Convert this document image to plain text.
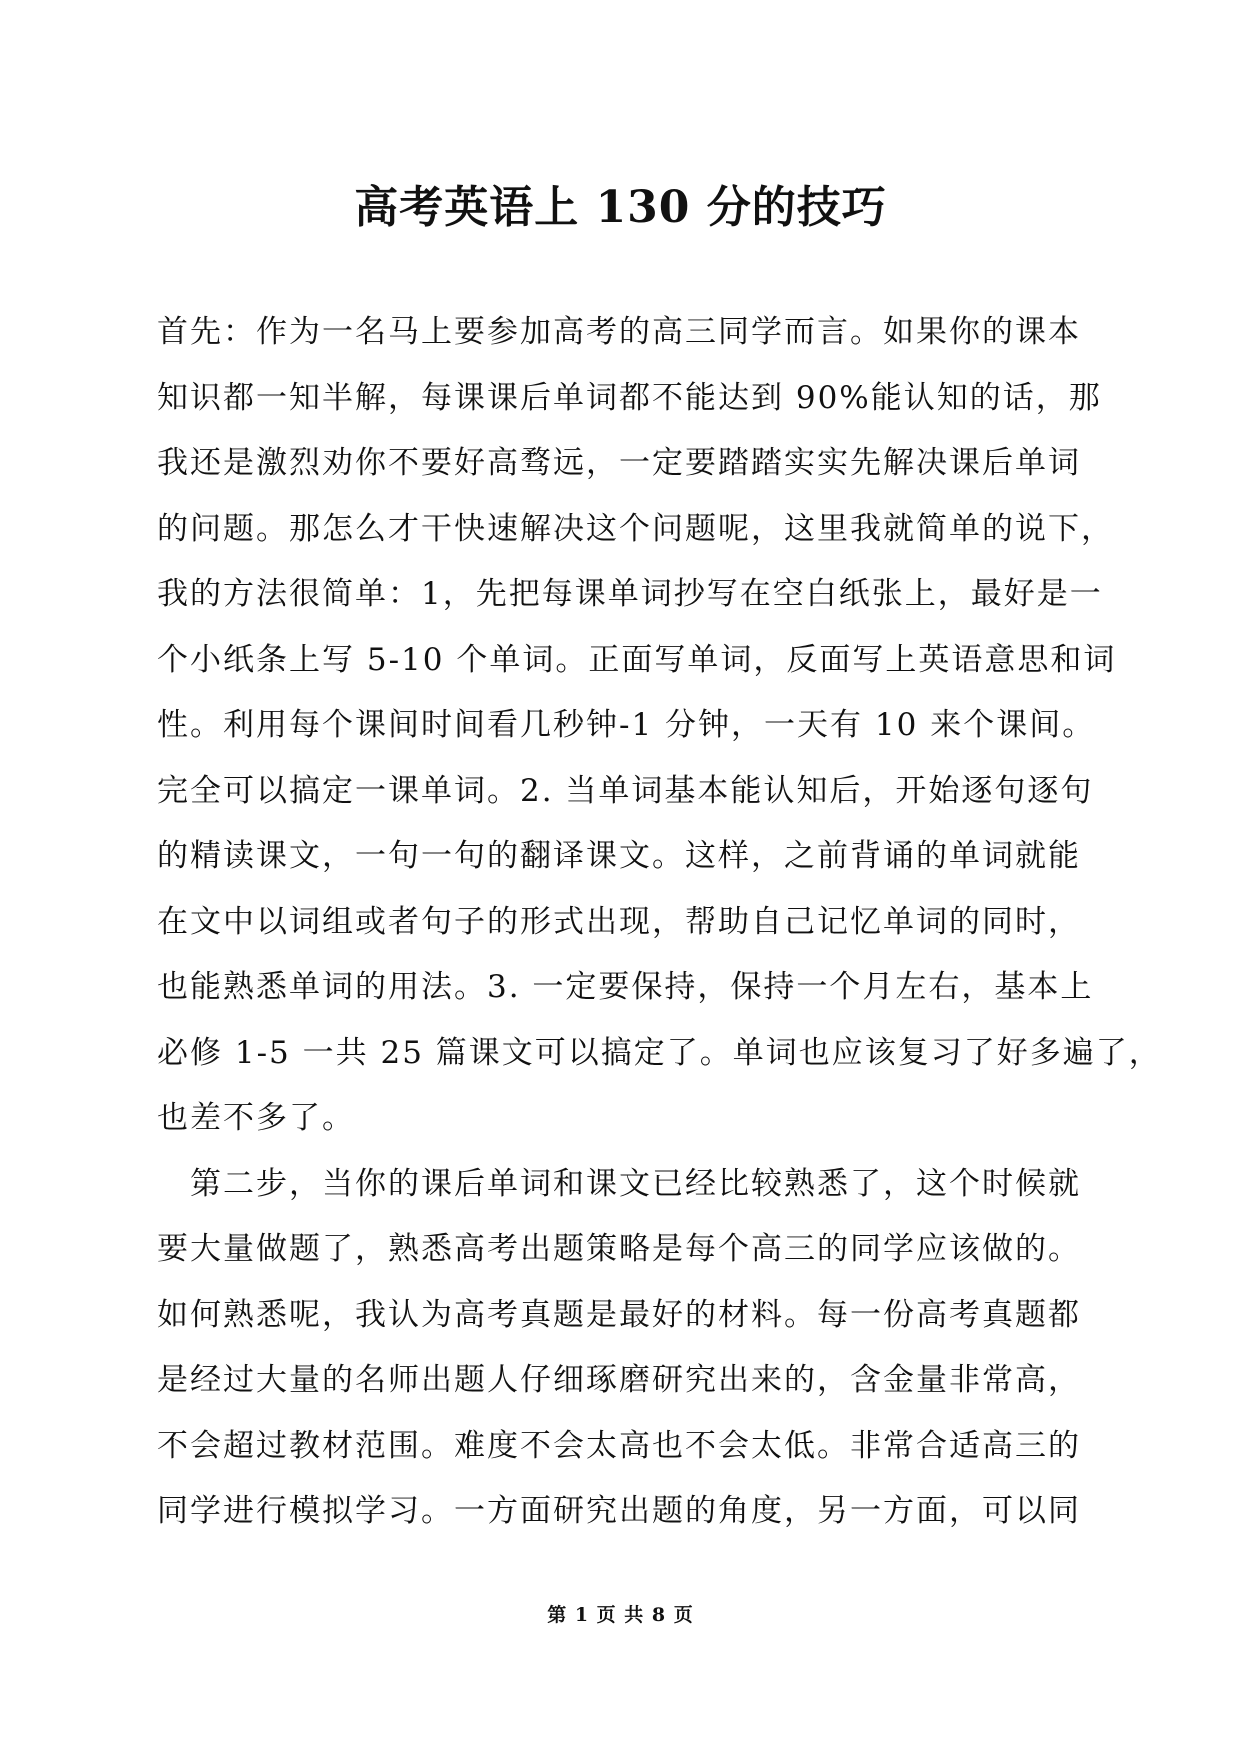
高考英语上 130 分的技巧
首先：作为一名马上要参加高考的高三同学而言。如果你的课本
知识都一知半解，每课课后单词都不能达到 90%能认知的话，那
我还是激烈劝你不要好高骛远，一定要踏踏实实先解决课后单词
的问题。那怎么才干快速解决这个问题呢，这里我就简单的说下，
我的方法很简单：1，先把每课单词抄写在空白纸张上，最好是一
个小纸条上写 5-10 个单词。正面写单词，反面写上英语意思和词
性。利用每个课间时间看几秒钟-1 分钟，一天有 10 来个课间。
完全可以搞定一课单词。2. 当单词基本能认知后，开始逐句逐句
的精读课文，一句一句的翻译课文。这样，之前背诵的单词就能
在文中以词组或者句子的形式出现，帮助自己记忆单词的同时，
也能熟悉单词的用法。3. 一定要保持，保持一个月左右，基本上
必修 1-5 一共 25 篇课文可以搞定了。单词也应该复习了好多遍了，
也差不多了。
　第二步，当你的课后单词和课文已经比较熟悉了，这个时候就
要大量做题了，熟悉高考出题策略是每个高三的同学应该做的。
如何熟悉呢，我认为高考真题是最好的材料。每一份高考真题都
是经过大量的名师出题人仔细琢磨研究出来的，含金量非常高，
不会超过教材范围。难度不会太高也不会太低。非常合适高三的
同学进行模拟学习。一方面研究出题的角度，另一方面，可以同
第 1 页 共 8 页
